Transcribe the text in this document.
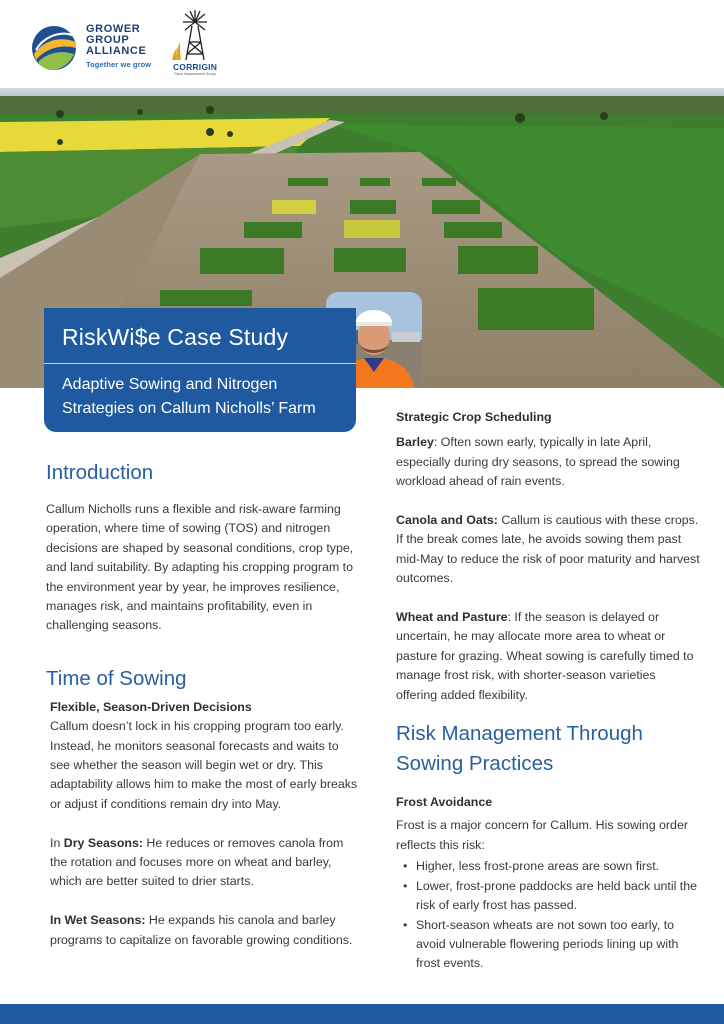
GROWER
GROUP
ALLIANCE
Together we grow	CORRIGIN
Farm Improvement Group
RiskWi$e Case Study
Adaptive Sowing and Nitrogen
Strategies on Callum Nicholls’ Farm
Introduction

Callum Nicholls runs a flexible and risk-aware farming operation, where time of sowing (TOS) and nitrogen decisions are shaped by seasonal conditions, crop type, and land suitability. By adapting his cropping program to the environment year by year, he improves resilience, manages risk, and maintains profitability, even in challenging seasons.

Time of Sowing
Flexible, Season-Driven Decisions

Callum doesn’t lock in his cropping program too early. Instead, he monitors seasonal forecasts and waits to see whether the season will begin wet or dry. This adaptability allows him to make the most of early breaks or adjust if conditions remain dry into May.

In Dry Seasons: He reduces or removes canola from the rotation and focuses more on wheat and barley, which are better suited to drier starts.

In Wet Seasons: He expands his canola and barley programs to capitalize on favorable growing conditions.

Strategic Crop Scheduling

Barley: Often sown early, typically in late April, especially during dry seasons, to spread the sowing workload ahead of rain events.

Canola and Oats: Callum is cautious with these crops. If the break comes late, he avoids sowing them past mid-May to reduce the risk of poor maturity and harvest outcomes.

Wheat and Pasture: If the season is delayed or uncertain, he may allocate more area to wheat or pasture for grazing. Wheat sowing is carefully timed to manage frost risk, with shorter-season varieties offering added flexibility.

Risk Management Through
Sowing Practices
Frost Avoidance

Frost is a major concern for Callum. His sowing order reflects this risk:

• Higher, less frost-prone areas are sown first.
• Lower, frost-prone paddocks are held back until the risk of early frost has passed.
• Short-season wheats are not sown too early, to avoid vulnerable flowering periods lining up with frost events.
